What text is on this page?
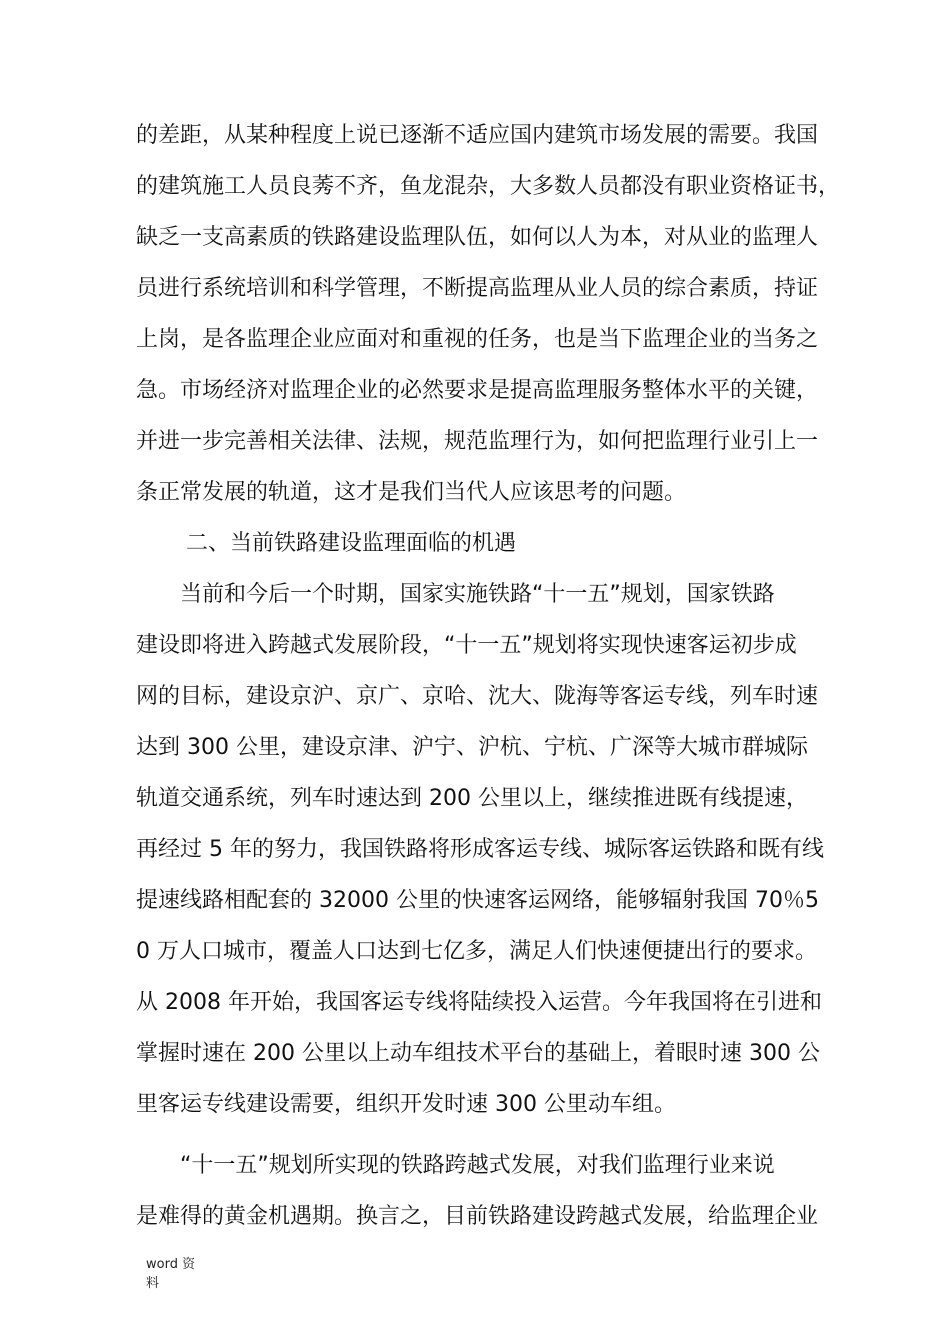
的差距，从某种程度上说已逐渐不适应国内建筑市场发展的需要。我国
的建筑施工人员良莠不齐，鱼龙混杂，大多数人员都没有职业资格证书，
缺乏一支高素质的铁路建设监理队伍，如何以人为本，对从业的监理人
员进行系统培训和科学管理，不断提高监理从业人员的综合素质，持证
上岗，是各监理企业应面对和重视的任务，也是当下监理企业的当务之
急。市场经济对监理企业的必然要求是提高监理服务整体水平的关键，
并进一步完善相关法律、法规，规范监理行为，如何把监理行业引上一
条正常发展的轨道，这才是我们当代人应该思考的问题。
二、当前铁路建设监理面临的机遇
当前和今后一个时期，国家实施铁路“十一五”规划，国家铁路
建设即将进入跨越式发展阶段，“十一五”规划将实现快速客运初步成
网的目标，建设京沪、京广、京哈、沈大、陇海等客运专线，列车时速
达到 300 公里，建设京津、沪宁、沪杭、宁杭、广深等大城市群城际
轨道交通系统，列车时速达到 200 公里以上，继续推进既有线提速，
再经过 5 年的努力，我国铁路将形成客运专线、城际客运铁路和既有线
提速线路相配套的 32000 公里的快速客运网络，能够辐射我国 70％5
0 万人口城市，覆盖人口达到七亿多，满足人们快速便捷出行的要求。
从 2008 年开始，我国客运专线将陆续投入运营。今年我国将在引进和
掌握时速在 200 公里以上动车组技术平台的基础上，着眼时速 300 公
里客运专线建设需要，组织开发时速 300 公里动车组。
“十一五”规划所实现的铁路跨越式发展，对我们监理行业来说
是难得的黄金机遇期。换言之，目前铁路建设跨越式发展，给监理企业
word 资
料
